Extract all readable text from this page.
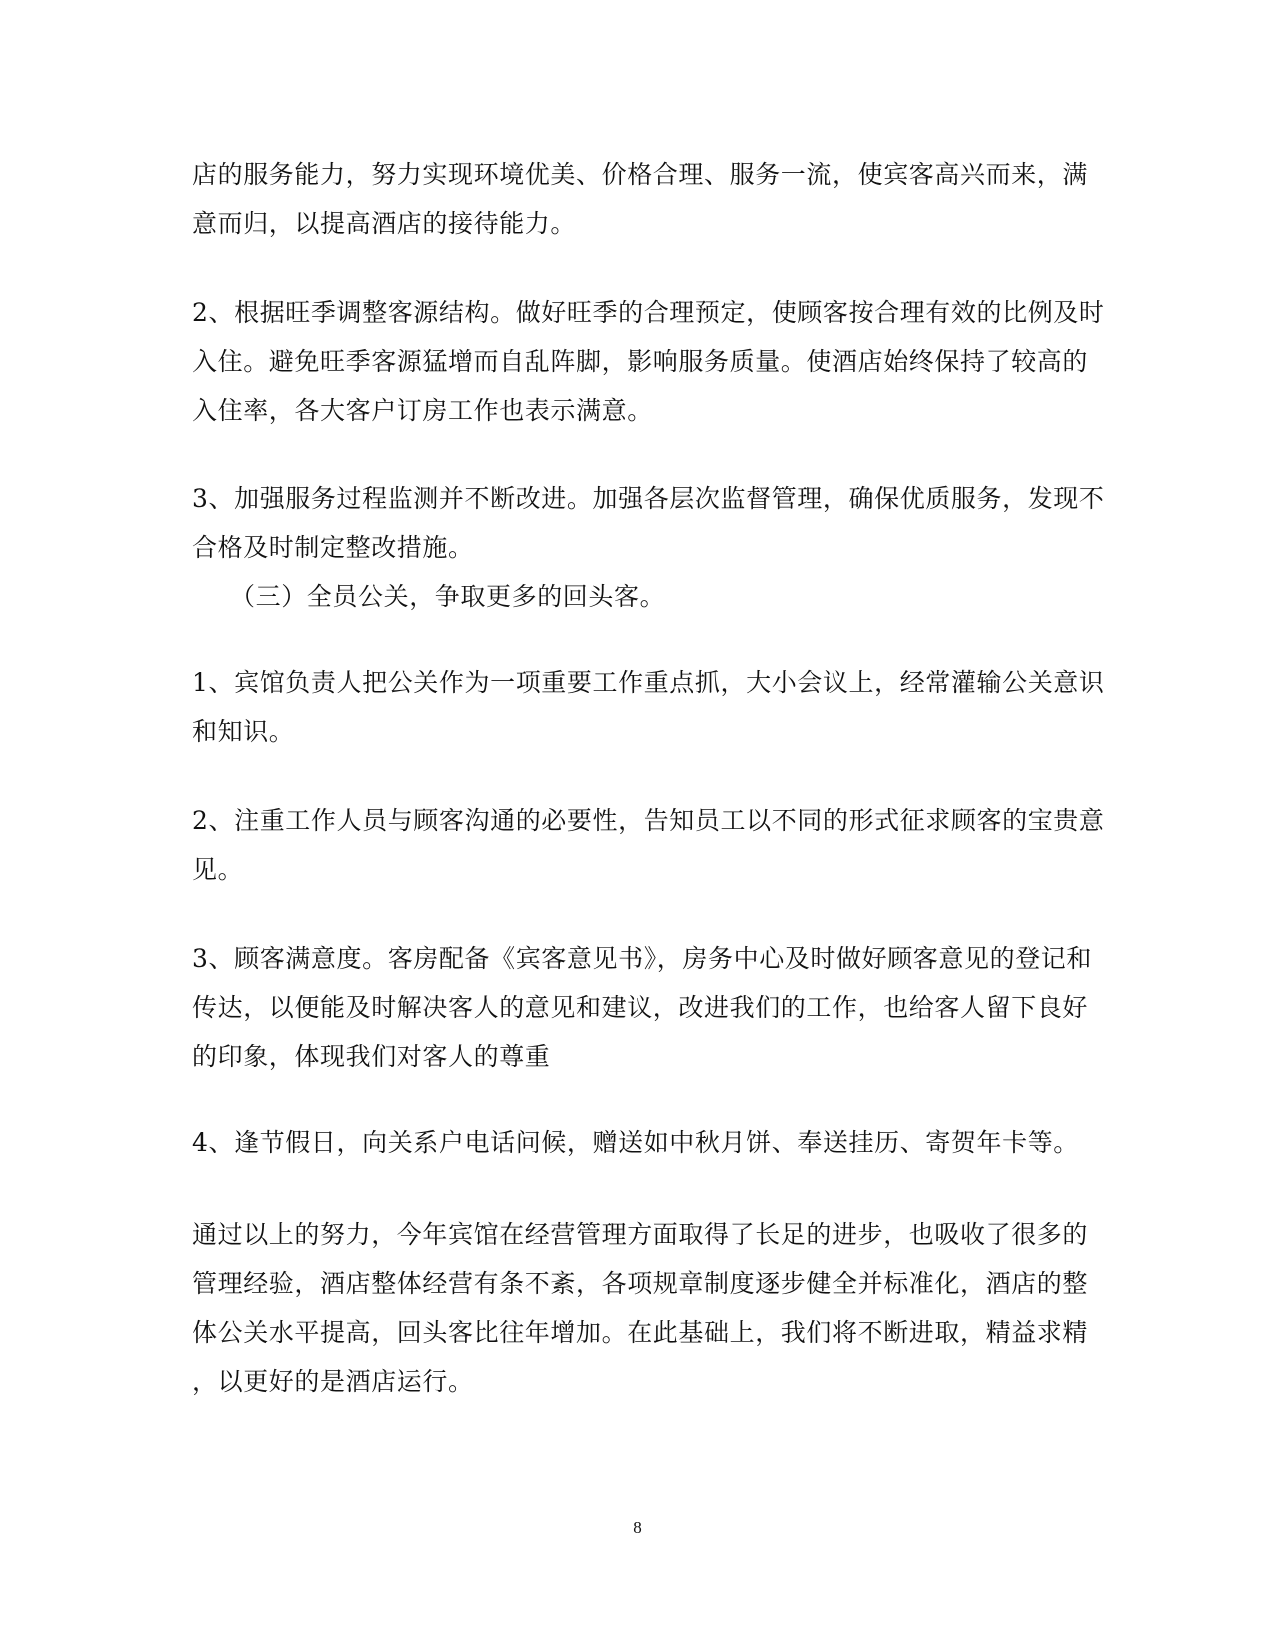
店的服务能力，努力实现环境优美、价格合理、服务一流，使宾客高兴而来，满
意而归，以提高酒店的接待能力。

2、根据旺季调整客源结构。做好旺季的合理预定，使顾客按合理有效的比例及时
入住。避免旺季客源猛增而自乱阵脚，影响服务质量。使酒店始终保持了较高的
入住率，各大客户订房工作也表示满意。

3、加强服务过程监测并不断改进。加强各层次监督管理，确保优质服务，发现不
合格及时制定整改措施。
（三）全员公关，争取更多的回头客。

1、宾馆负责人把公关作为一项重要工作重点抓，大小会议上，经常灌输公关意识
和知识。

2、注重工作人员与顾客沟通的必要性，告知员工以不同的形式征求顾客的宝贵意
见。

3、顾客满意度。客房配备《宾客意见书》，房务中心及时做好顾客意见的登记和
传达，以便能及时解决客人的意见和建议，改进我们的工作，也给客人留下良好
的印象，体现我们对客人的尊重

4、逢节假日，向关系户电话问候，赠送如中秋月饼、奉送挂历、寄贺年卡等。

通过以上的努力，今年宾馆在经营管理方面取得了长足的进步，也吸收了很多的
管理经验，酒店整体经营有条不紊，各项规章制度逐步健全并标准化，酒店的整
体公关水平提高，回头客比往年增加。在此基础上，我们将不断进取，精益求精
，以更好的是酒店运行。

8
